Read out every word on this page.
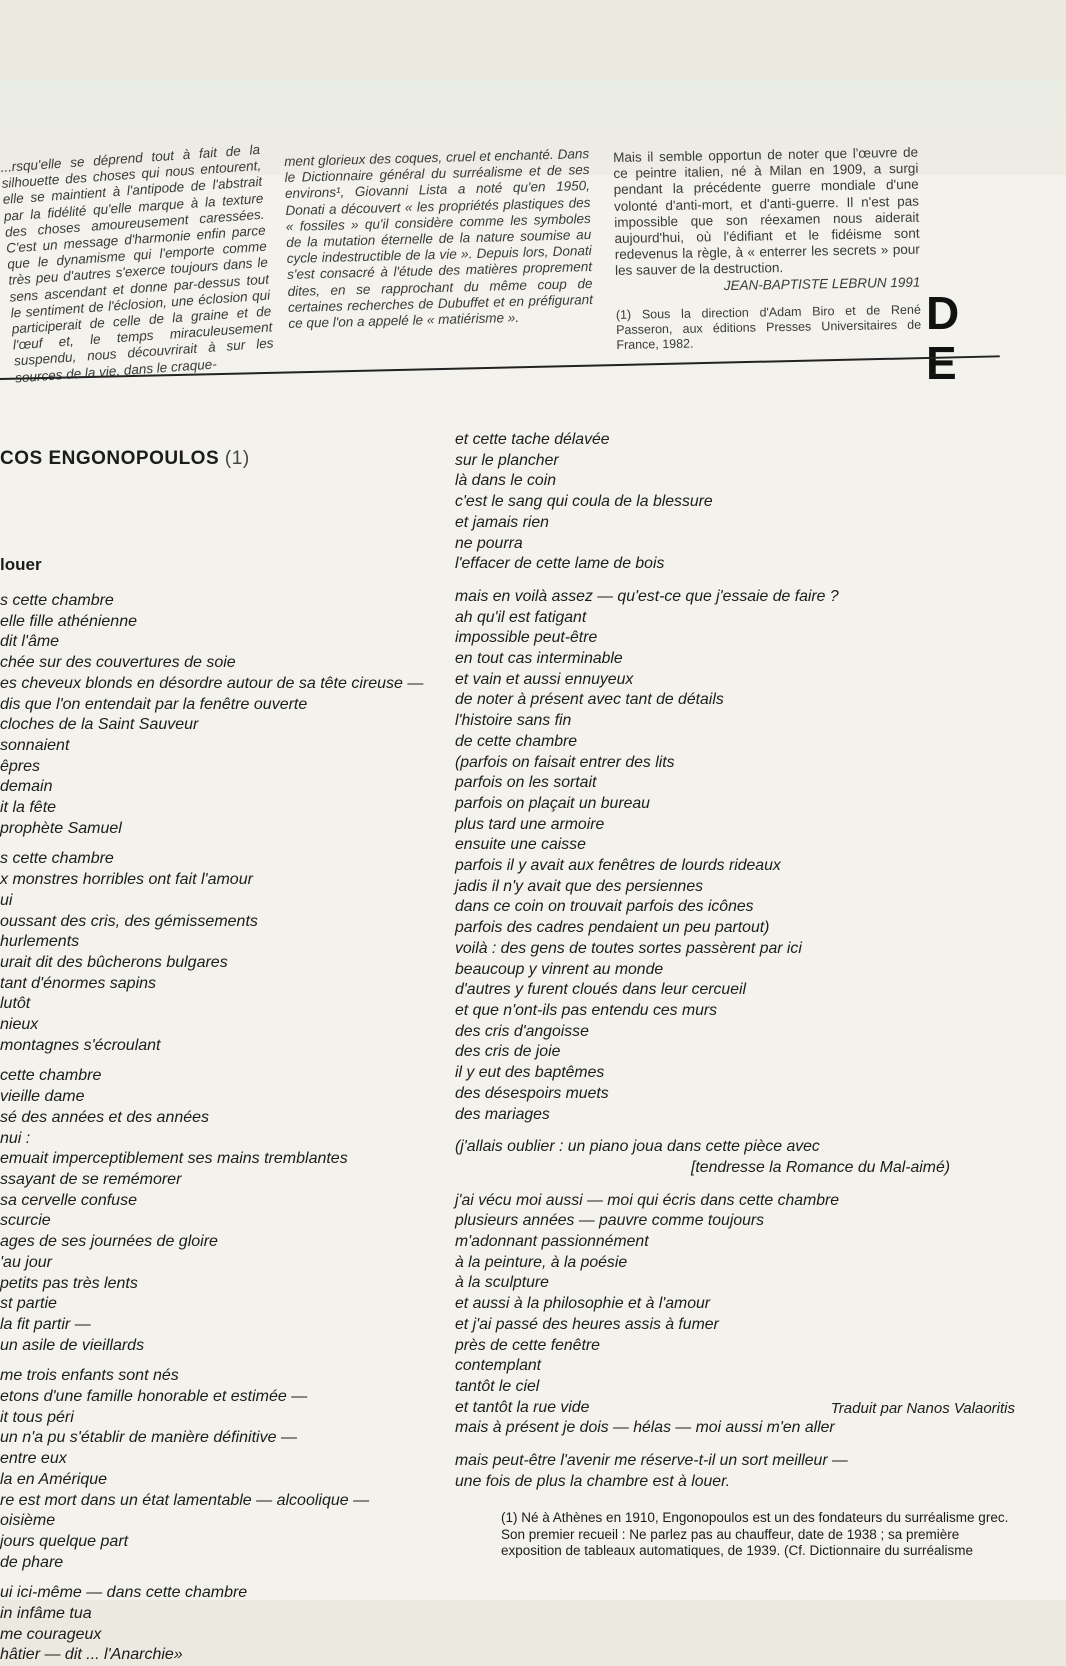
...rsqu'elle se déprend tout à fait de la silhouette des choses qui nous entourent, elle se maintient à l'antipode de l'abstrait par la fidélité qu'elle marque à la texture des choses amoureusement caressées. C'est un message d'harmonie enfin parce que le dynamisme qui l'emporte comme très peu d'autres s'exerce toujours dans le sens ascendant et donne par-dessus tout le sentiment de l'éclosion, une éclosion qui participerait de celle de la graine et de l'œuf et, le temps miraculeusement suspendu, nous découvrirait à sur les sources de la vie, dans le craque-

ment glorieux des coques, cruel et enchanté. Dans le Dictionnaire général du surréalisme et de ses environs¹, Giovanni Lista a noté qu'en 1950, Donati a découvert « les propriétés plastiques des « fossiles » qu'il considère comme les symboles de la mutation éternelle de la nature soumise au cycle indestructible de la vie ». Depuis lors, Donati s'est consacré à l'étude des matières proprement dites, en se rapprochant du même coup de certaines recherches de Dubuffet et en préfigurant ce que l'on a appelé le « matiérisme ».

Mais il semble opportun de noter que l'œuvre de ce peintre italien, né à Milan en 1909, a surgi pendant la précédente guerre mondiale d'une volonté d'anti-mort, et d'anti-guerre. Il n'est pas impossible que son réexamen nous aiderait aujourd'hui, où l'édifiant et le fidéisme sont redevenus la règle, à « enterrer les secrets » pour les sauver de la destruction.

JEAN-BAPTISTE LEBRUN 1991

(1) Sous la direction d'Adam Biro et de René Passeron, aux éditions Presses Universitaires de France, 1982.

D
E
COS ENGONOPOULOS (1)
louer
s cette chambre
elle fille athénienne
dit l'âme
chée sur des couvertures de soie
es cheveux blonds en désordre autour de sa tête cireuse —
dis que l'on entendait par la fenêtre ouverte
cloches de la Saint Sauveur
sonnaient
êpres
demain
it la fête
prophète Samuel
s cette chambre
x monstres horribles ont fait l'amour
ui
oussant des cris, des gémissements
hurlements
urait dit des bûcherons bulgares
tant d'énormes sapins
lutôt
nieux
montagnes s'écroulant
cette chambre
vieille dame
sé des années et des années
nui :
emuait imperceptiblement ses mains tremblantes
ssayant de se remémorer
sa cervelle confuse
scurcie
ages de ses journées de gloire
'au jour
petits pas très lents
st partie
la fit partir —
un asile de vieillards
me trois enfants sont nés
etons d'une famille honorable et estimée —
it tous péri
un n'a pu s'établir de manière définitive —
entre eux
la en Amérique
re est mort dans un état lamentable — alcoolique —
oisième
jours quelque part
de phare
ui ici-même — dans cette chambre
in infâme tua
me courageux
hâtier — dit ... l'Anarchie»
et cette tache délavée
sur le plancher
là dans le coin
c'est le sang qui coula de la blessure
et jamais rien
ne pourra
l'effacer de cette lame de bois
mais en voilà assez — qu'est-ce que j'essaie de faire ?
ah qu'il est fatigant
impossible peut-être
en tout cas interminable
et vain et aussi ennuyeux
de noter à présent avec tant de détails
l'histoire sans fin
de cette chambre
(parfois on faisait entrer des lits
parfois on les sortait
parfois on plaçait un bureau
plus tard une armoire
ensuite une caisse
parfois il y avait aux fenêtres de lourds rideaux
jadis il n'y avait que des persiennes
dans ce coin on trouvait parfois des icônes
parfois des cadres pendaient un peu partout)
voilà : des gens de toutes sortes passèrent par ici
beaucoup y vinrent au monde
d'autres y furent cloués dans leur cercueil
et que n'ont-ils pas entendu ces murs
des cris d'angoisse
des cris de joie
il y eut des baptêmes
des désespoirs muets
des mariages
(j'allais oublier : un piano joua dans cette pièce avec
[tendresse la Romance du Mal-aimé)
j'ai vécu moi aussi — moi qui écris dans cette chambre
plusieurs années — pauvre comme toujours
m'adonnant passionnément
à la peinture, à la poésie
à la sculpture
et aussi à la philosophie et à l'amour
et j'ai passé des heures assis à fumer
près de cette fenêtre
contemplant
tantôt le ciel
et tantôt la rue vide
mais à présent je dois — hélas — moi aussi m'en aller
mais peut-être l'avenir me réserve-t-il un sort meilleur —
une fois de plus la chambre est à louer.
Traduit par Nanos Valaoritis
(1) Né à Athènes en 1910, Engonopoulos est un des fondateurs du surréalisme grec. Son premier recueil : Ne parlez pas au chauffeur, date de 1938 ; sa première exposition de tableaux automatiques, de 1939. (Cf. Dictionnaire du surréalisme
